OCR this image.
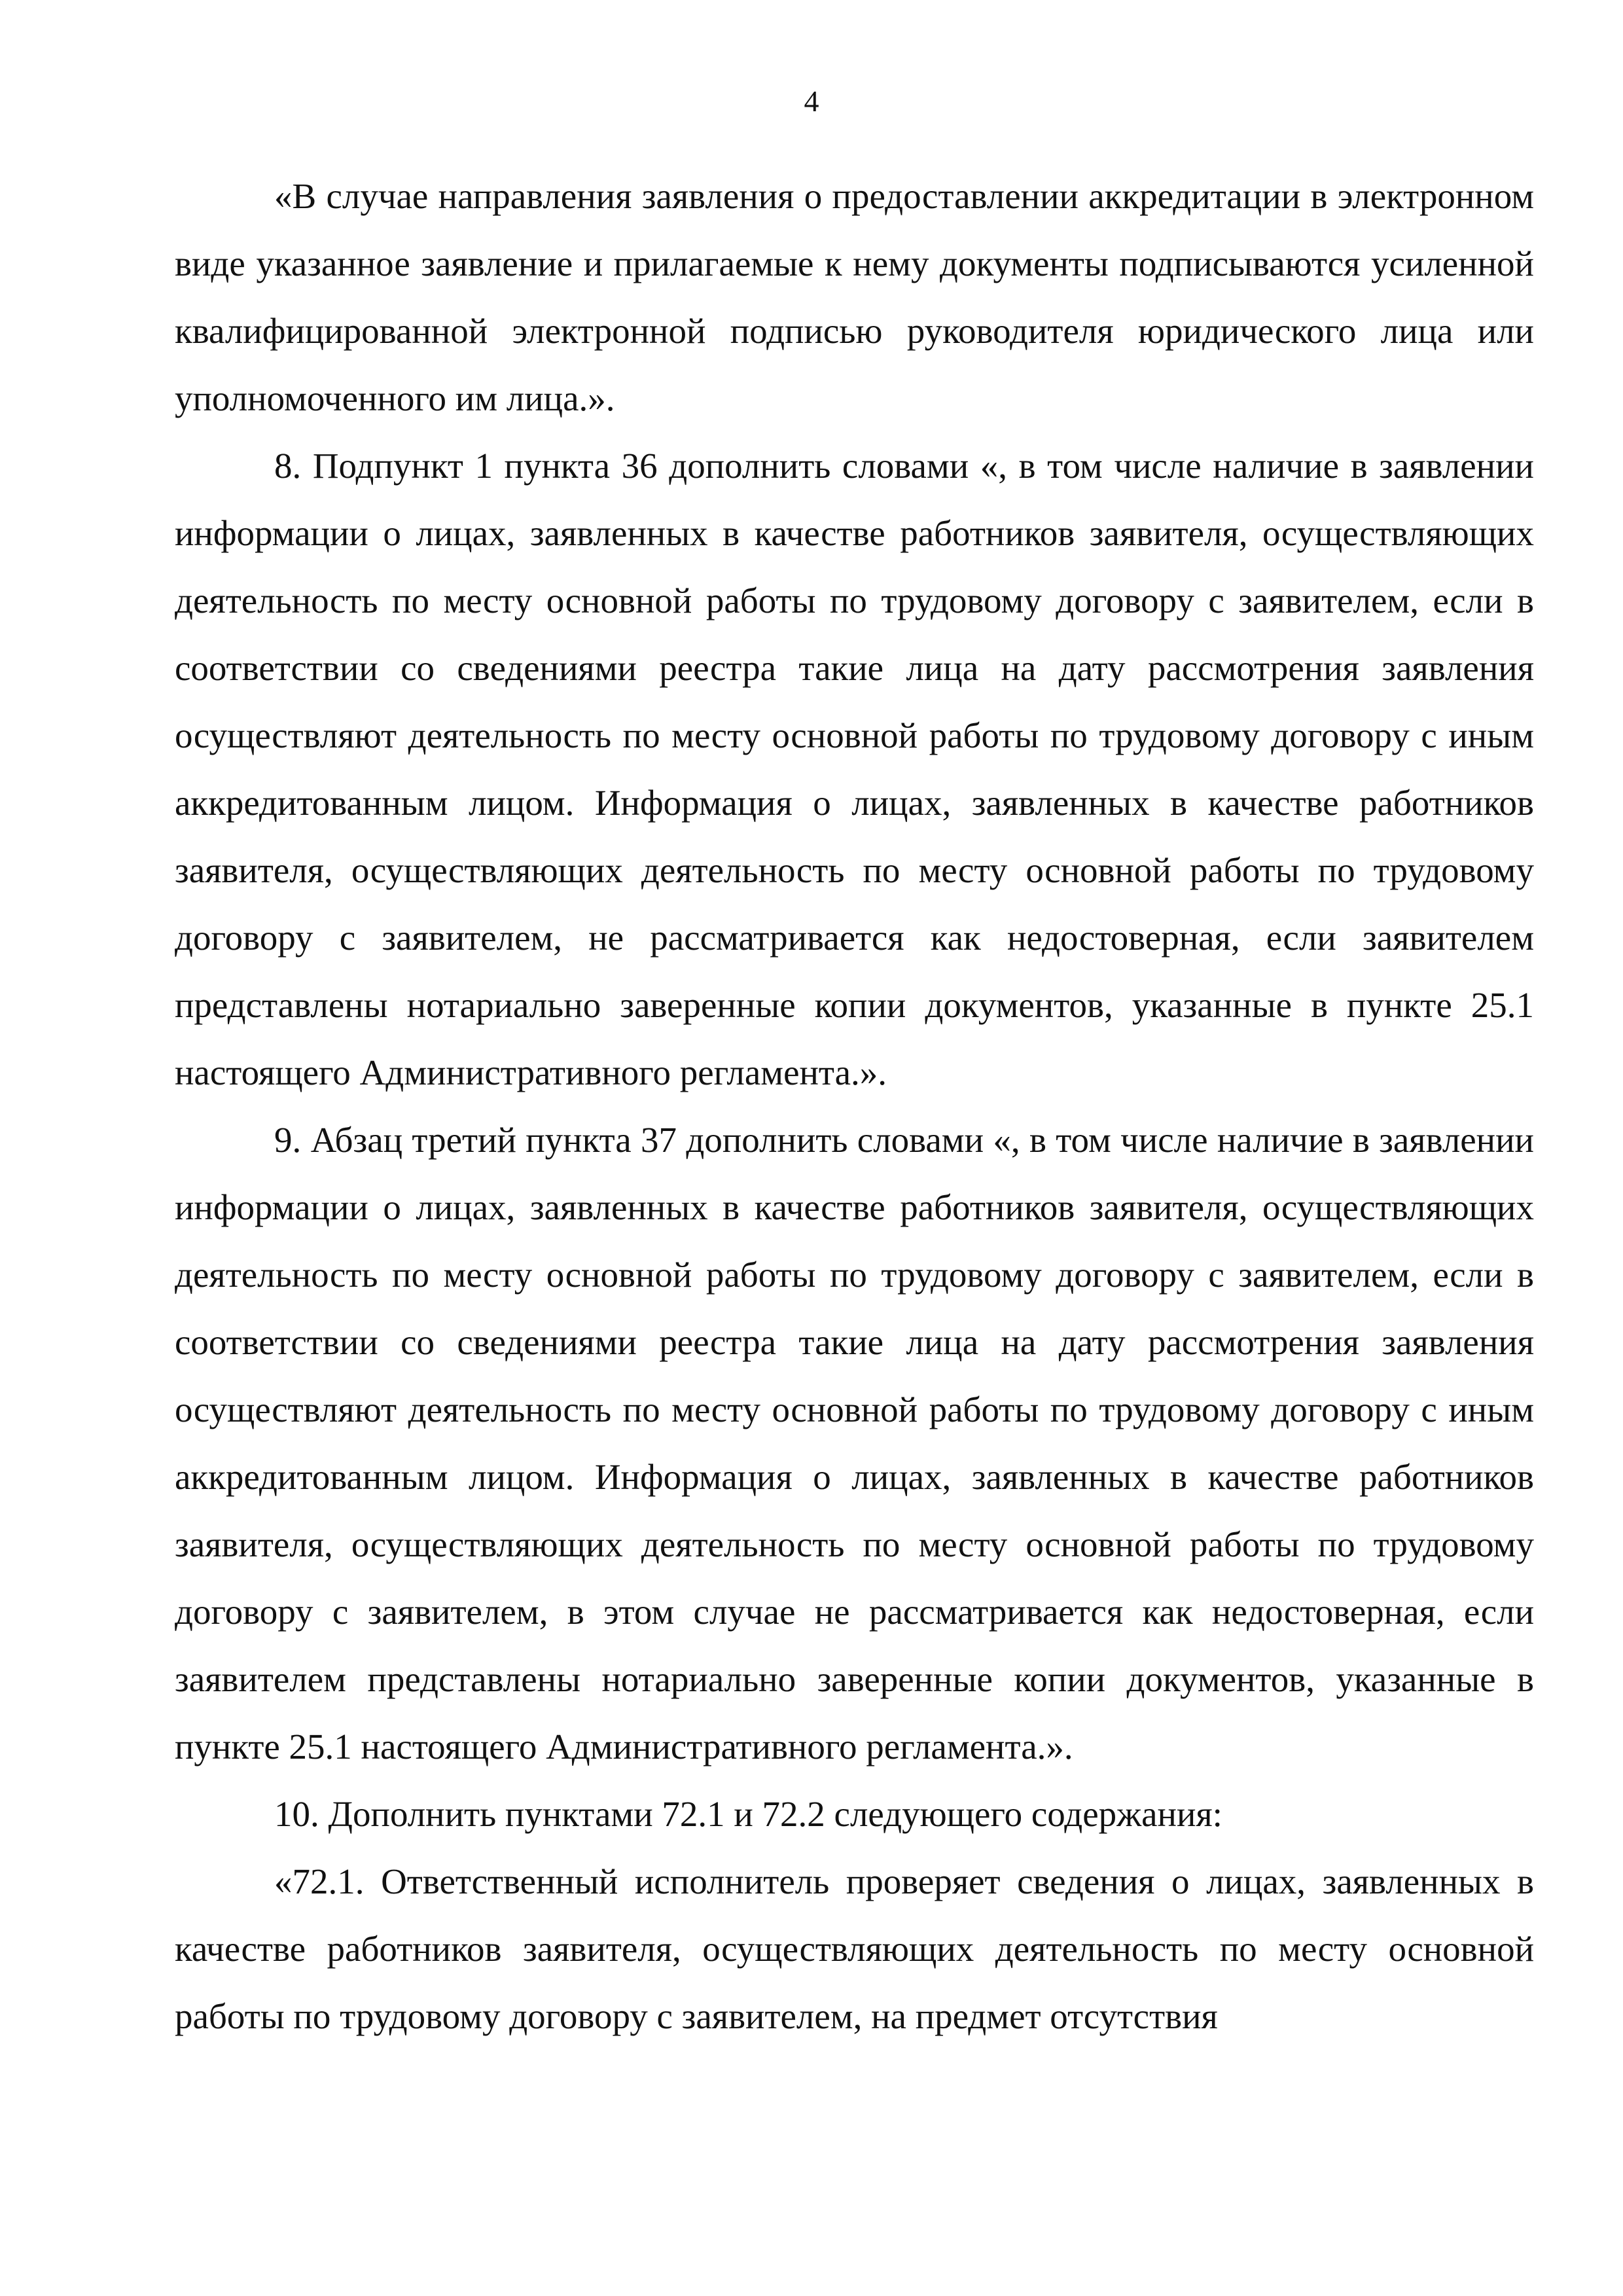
4

«В случае направления заявления о предоставлении аккредитации в электронном виде указанное заявление и прилагаемые к нему документы подписываются усиленной квалифицированной электронной подписью руководителя юридического лица или уполномоченного им лица.».

8. Подпункт 1 пункта 36 дополнить словами «, в том числе наличие в заявлении информации о лицах, заявленных в качестве работников заявителя, осуществляющих деятельность по месту основной работы по трудовому договору с заявителем, если в соответствии со сведениями реестра такие лица на дату рассмотрения заявления осуществляют деятельность по месту основной работы по трудовому договору с иным аккредитованным лицом. Информация о лицах, заявленных в качестве работников заявителя, осуществляющих деятельность по месту основной работы по трудовому договору с заявителем, не рассматривается как недостоверная, если заявителем представлены нотариально заверенные копии документов, указанные в пункте 25.1 настоящего Административного регламента.».

9. Абзац третий пункта 37 дополнить словами «, в том числе наличие в заявлении информации о лицах, заявленных в качестве работников заявителя, осуществляющих деятельность по месту основной работы по трудовому договору с заявителем, если в соответствии со сведениями реестра такие лица на дату рассмотрения заявления осуществляют деятельность по месту основной работы по трудовому договору с иным аккредитованным лицом. Информация о лицах, заявленных в качестве работников заявителя, осуществляющих деятельность по месту основной работы по трудовому договору с заявителем, в этом случае не рассматривается как недостоверная, если заявителем представлены нотариально заверенные копии документов, указанные в пункте 25.1 настоящего Административного регламента.».

10. Дополнить пунктами 72.1 и 72.2 следующего содержания:

«72.1. Ответственный исполнитель проверяет сведения о лицах, заявленных в качестве работников заявителя, осуществляющих деятельность по месту основной работы по трудовому договору с заявителем, на предмет отсутствия
